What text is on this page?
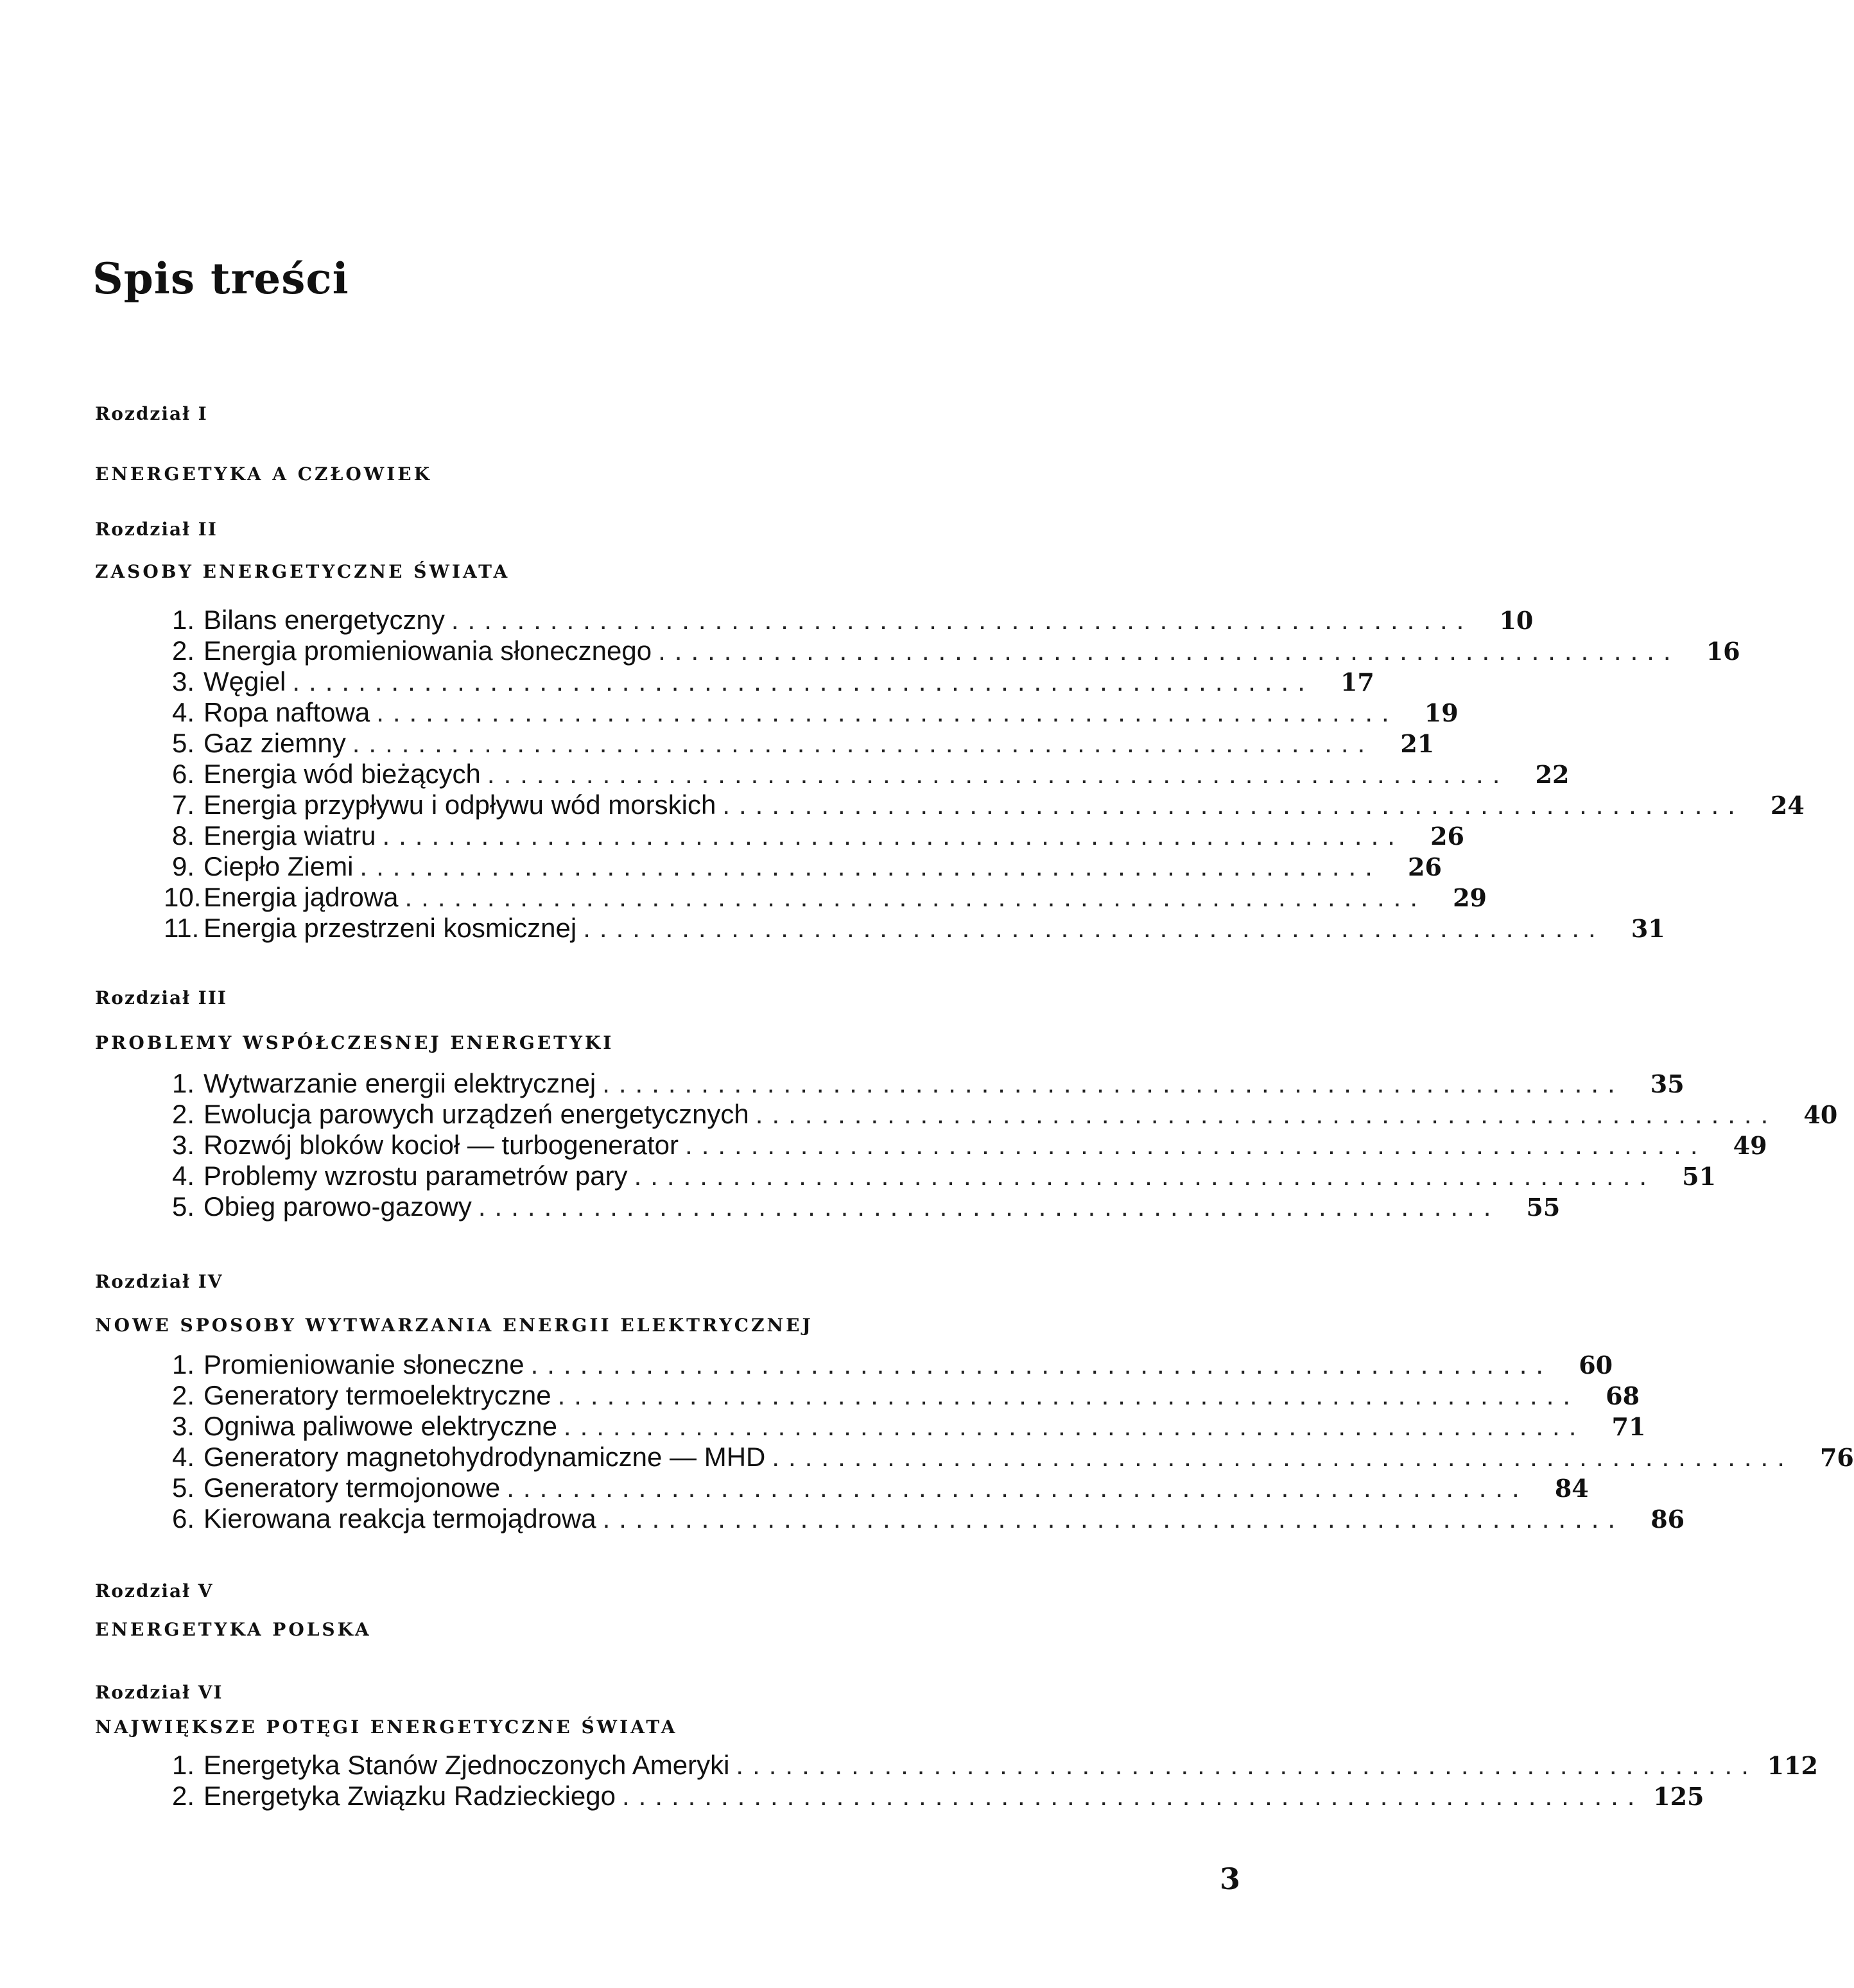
Spis treści
Rozdział I
ENERGETYKA A CZŁOWIEK
Rozdział II
ZASOBY ENERGETYCZNE ŚWIATA
1. Bilans energetyczny ..............................................................	10
2. Energia promieniowania słonecznego ..............................................................	16
3. Węgiel ..............................................................	17
4. Ropa naftowa ..............................................................	19
5. Gaz ziemny ..............................................................	21
6. Energia wód bieżących ..............................................................	22
7. Energia przypływu i odpływu wód morskich ..............................................................	24
8. Energia wiatru ..............................................................	26
9. Ciepło Ziemi ..............................................................	26
10. Energia jądrowa ..............................................................	29
11. Energia przestrzeni kosmicznej ..............................................................	31
Rozdział III
PROBLEMY WSPÓŁCZESNEJ ENERGETYKI
1. Wytwarzanie energii elektrycznej ..............................................................	35
2. Ewolucja parowych urządzeń energetycznych ..............................................................	40
3. Rozwój bloków kocioł — turbogenerator ..............................................................	49
4. Problemy wzrostu parametrów pary ..............................................................	51
5. Obieg parowo-gazowy ..............................................................	55
Rozdział IV
NOWE SPOSOBY WYTWARZANIA ENERGII ELEKTRYCZNEJ
1. Promieniowanie słoneczne ..............................................................	60
2. Generatory termoelektryczne ..............................................................	68
3. Ogniwa paliwowe elektryczne ..............................................................	71
4. Generatory magnetohydrodynamiczne — MHD ..............................................................	76
5. Generatory termojonowe ..............................................................	84
6. Kierowana reakcja termojądrowa ..............................................................	86
Rozdział V
ENERGETYKA POLSKA
Rozdział VI
NAJWIĘKSZE POTĘGI ENERGETYCZNE ŚWIATA
1. Energetyka Stanów Zjednoczonych Ameryki .............................................................. 112
2. Energetyka Związku Radzieckiego .............................................................. 125
3
